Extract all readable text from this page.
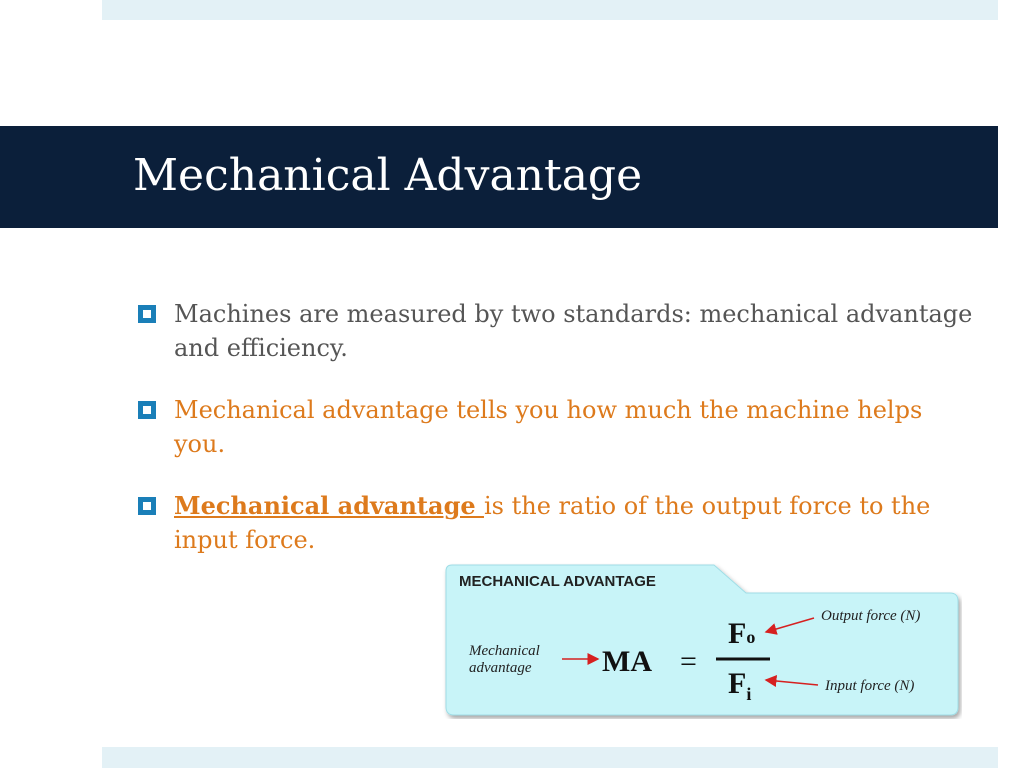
Mechanical Advantage
Machines are measured by two standards: mechanical advantage and efficiency.
Mechanical advantage tells you how much the machine helps you.
Mechanical advantage is the ratio of the output force to the input force.
MECHANICAL ADVANTAGE
Mechanical
advantage MA =
Fo
$F_i$
Output force (N)
Input force (N)
